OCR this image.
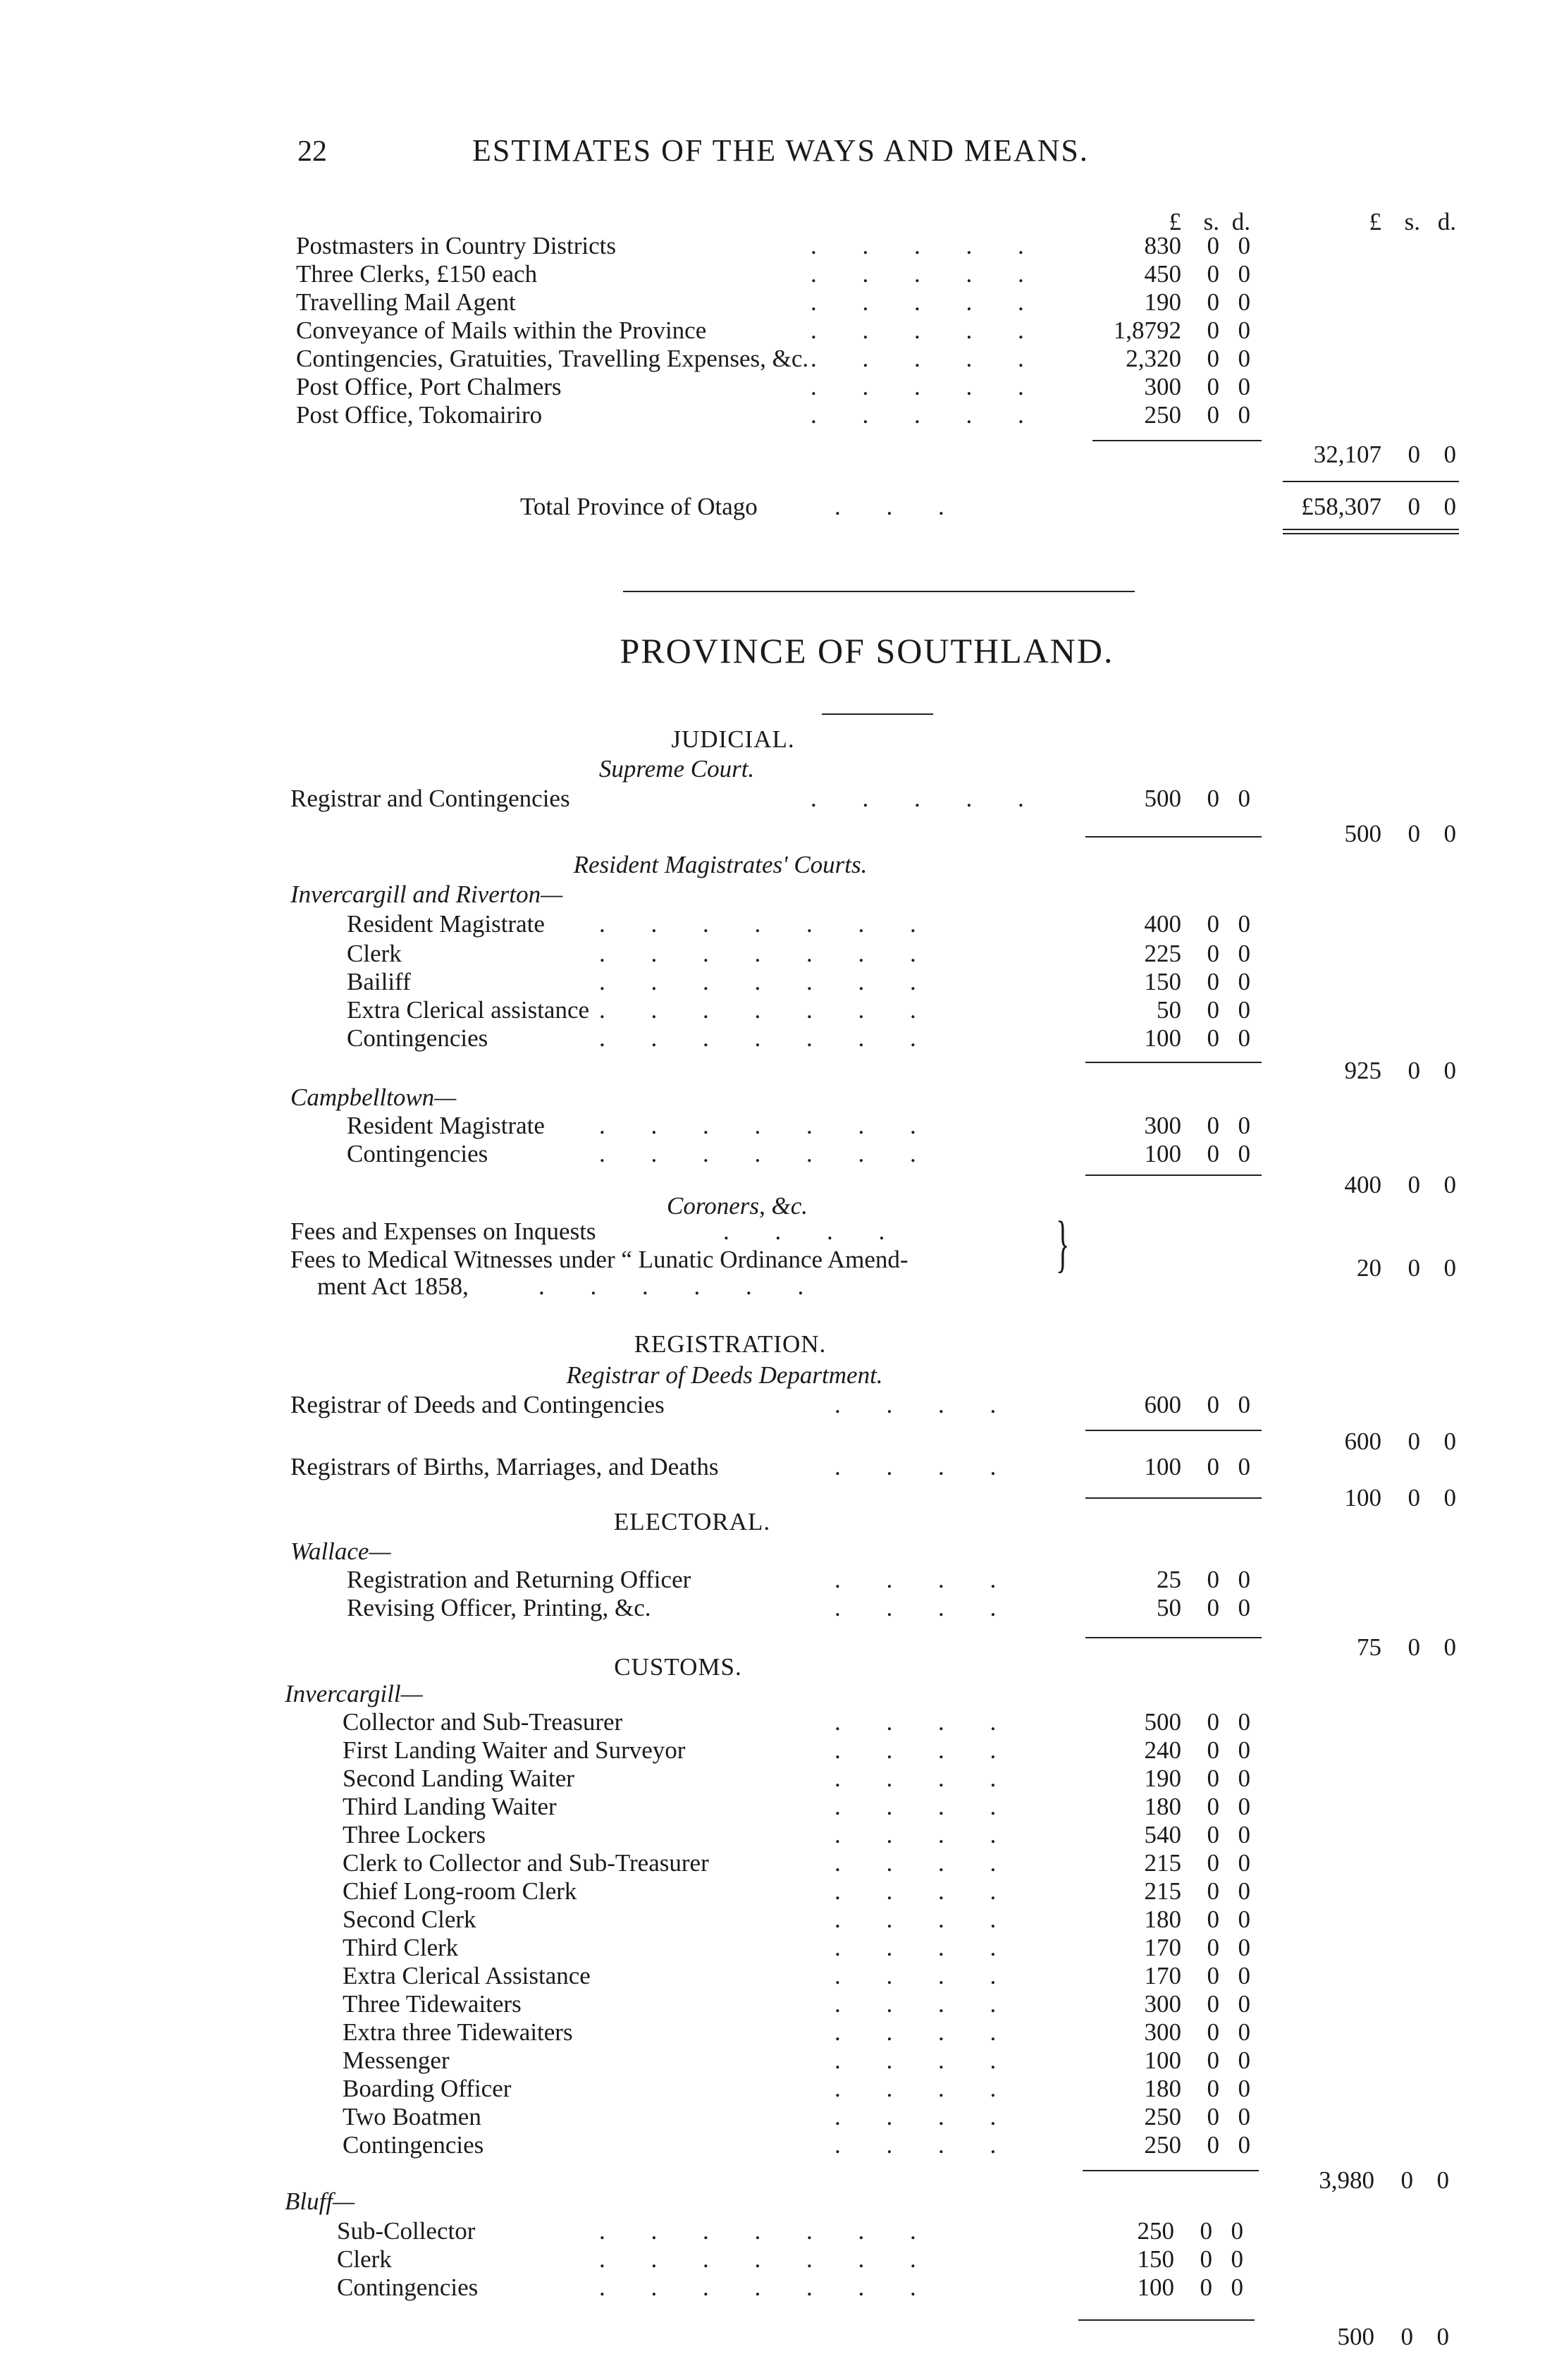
22	ESTIMATES OF THE WAYS AND MEANS.
£ s. d.	£ s. d.
Postmasters in Country Districts	. . . . .	830 0 0
Three Clerks, £150 each	. . . . .	450 0 0
Travelling Mail Agent	. . . . .	190 0 0
Conveyance of Mails within the Province	. . . . .	1,8792 0 0
Contingencies, Gratuities, Travelling Expenses, &c. . . . . .	2,320 0 0
Post Office, Port Chalmers	. . . . .	300 0 0
Post Office, Tokomairiro	. . . . .	250 0 0
32,107 0 0
Total Province of Otago	. . .	£58,307 0 0
PROVINCE OF SOUTHLAND.
JUDICIAL.
Supreme Court.
Registrar and Contingencies	. . . . .	500 0 0
500 0 0
Resident Magistrates' Courts.
Invercargill and Riverton—
Resident Magistrate . . . . . . .	400 0 0
Clerk	. . . . . . .	225 0 0
Bailiff	. . . . . . .	150 0 0
Extra Clerical assistance . . . . . . .	50 0 0
Contingencies	. . . . . . .	100 0 0
925 0 0
Campbelltown—
Resident Magistrate . . . . . . .	300 0 0
Contingencies	. . . . . . .	100 0 0
400 0 0
Coroners, &c.
Fees and Expenses on Inquests	. . . .
Fees to Medical Witnesses under “ Lunatic Ordinance Amend-
ment Act 1858,	. . . . . .
}	20 0 0
REGISTRATION.
Registrar of Deeds Department.
Registrar of Deeds and Contingencies	. . . .	600 0 0
600 0 0
Registrars of Births, Marriages, and Deaths	. . . .	100 0 0
100 0 0
ELECTORAL.
Wallace—
Registration and Returning Officer	. . . .	25 0 0
Revising Officer, Printing, &c.	. . . .	50 0 0
75 0 0
CUSTOMS.
Invercargill—
Collector and Sub-Treasurer	. . . .	500 0 0
First Landing Waiter and Surveyor	. . . .	240 0 0
Second Landing Waiter	. . . .	190 0 0
Third Landing Waiter	. . . .	180 0 0
Three Lockers	. . . .	540 0 0
Clerk to Collector and Sub-Treasurer	. . . .	215 0 0
Chief Long-room Clerk	. . . .	215 0 0
Second Clerk	. . . .	180 0 0
Third Clerk	. . . .	170 0 0
Extra Clerical Assistance	. . . .	170 0 0
Three Tidewaiters	. . . .	300 0 0
Extra three Tidewaiters	. . . .	300 0 0
Messenger	. . . .	100 0 0
Boarding Officer	. . . .	180 0 0
Two Boatmen	. . . .	250 0 0
Contingencies	. . . .	250 0 0
3,980 0 0
Bluff—
Sub-Collector	. . . . . . .	250 0 0
Clerk	. . . . . . .	150 0 0
Contingencies	. . . . . . .	100 0 0
500 0 0
